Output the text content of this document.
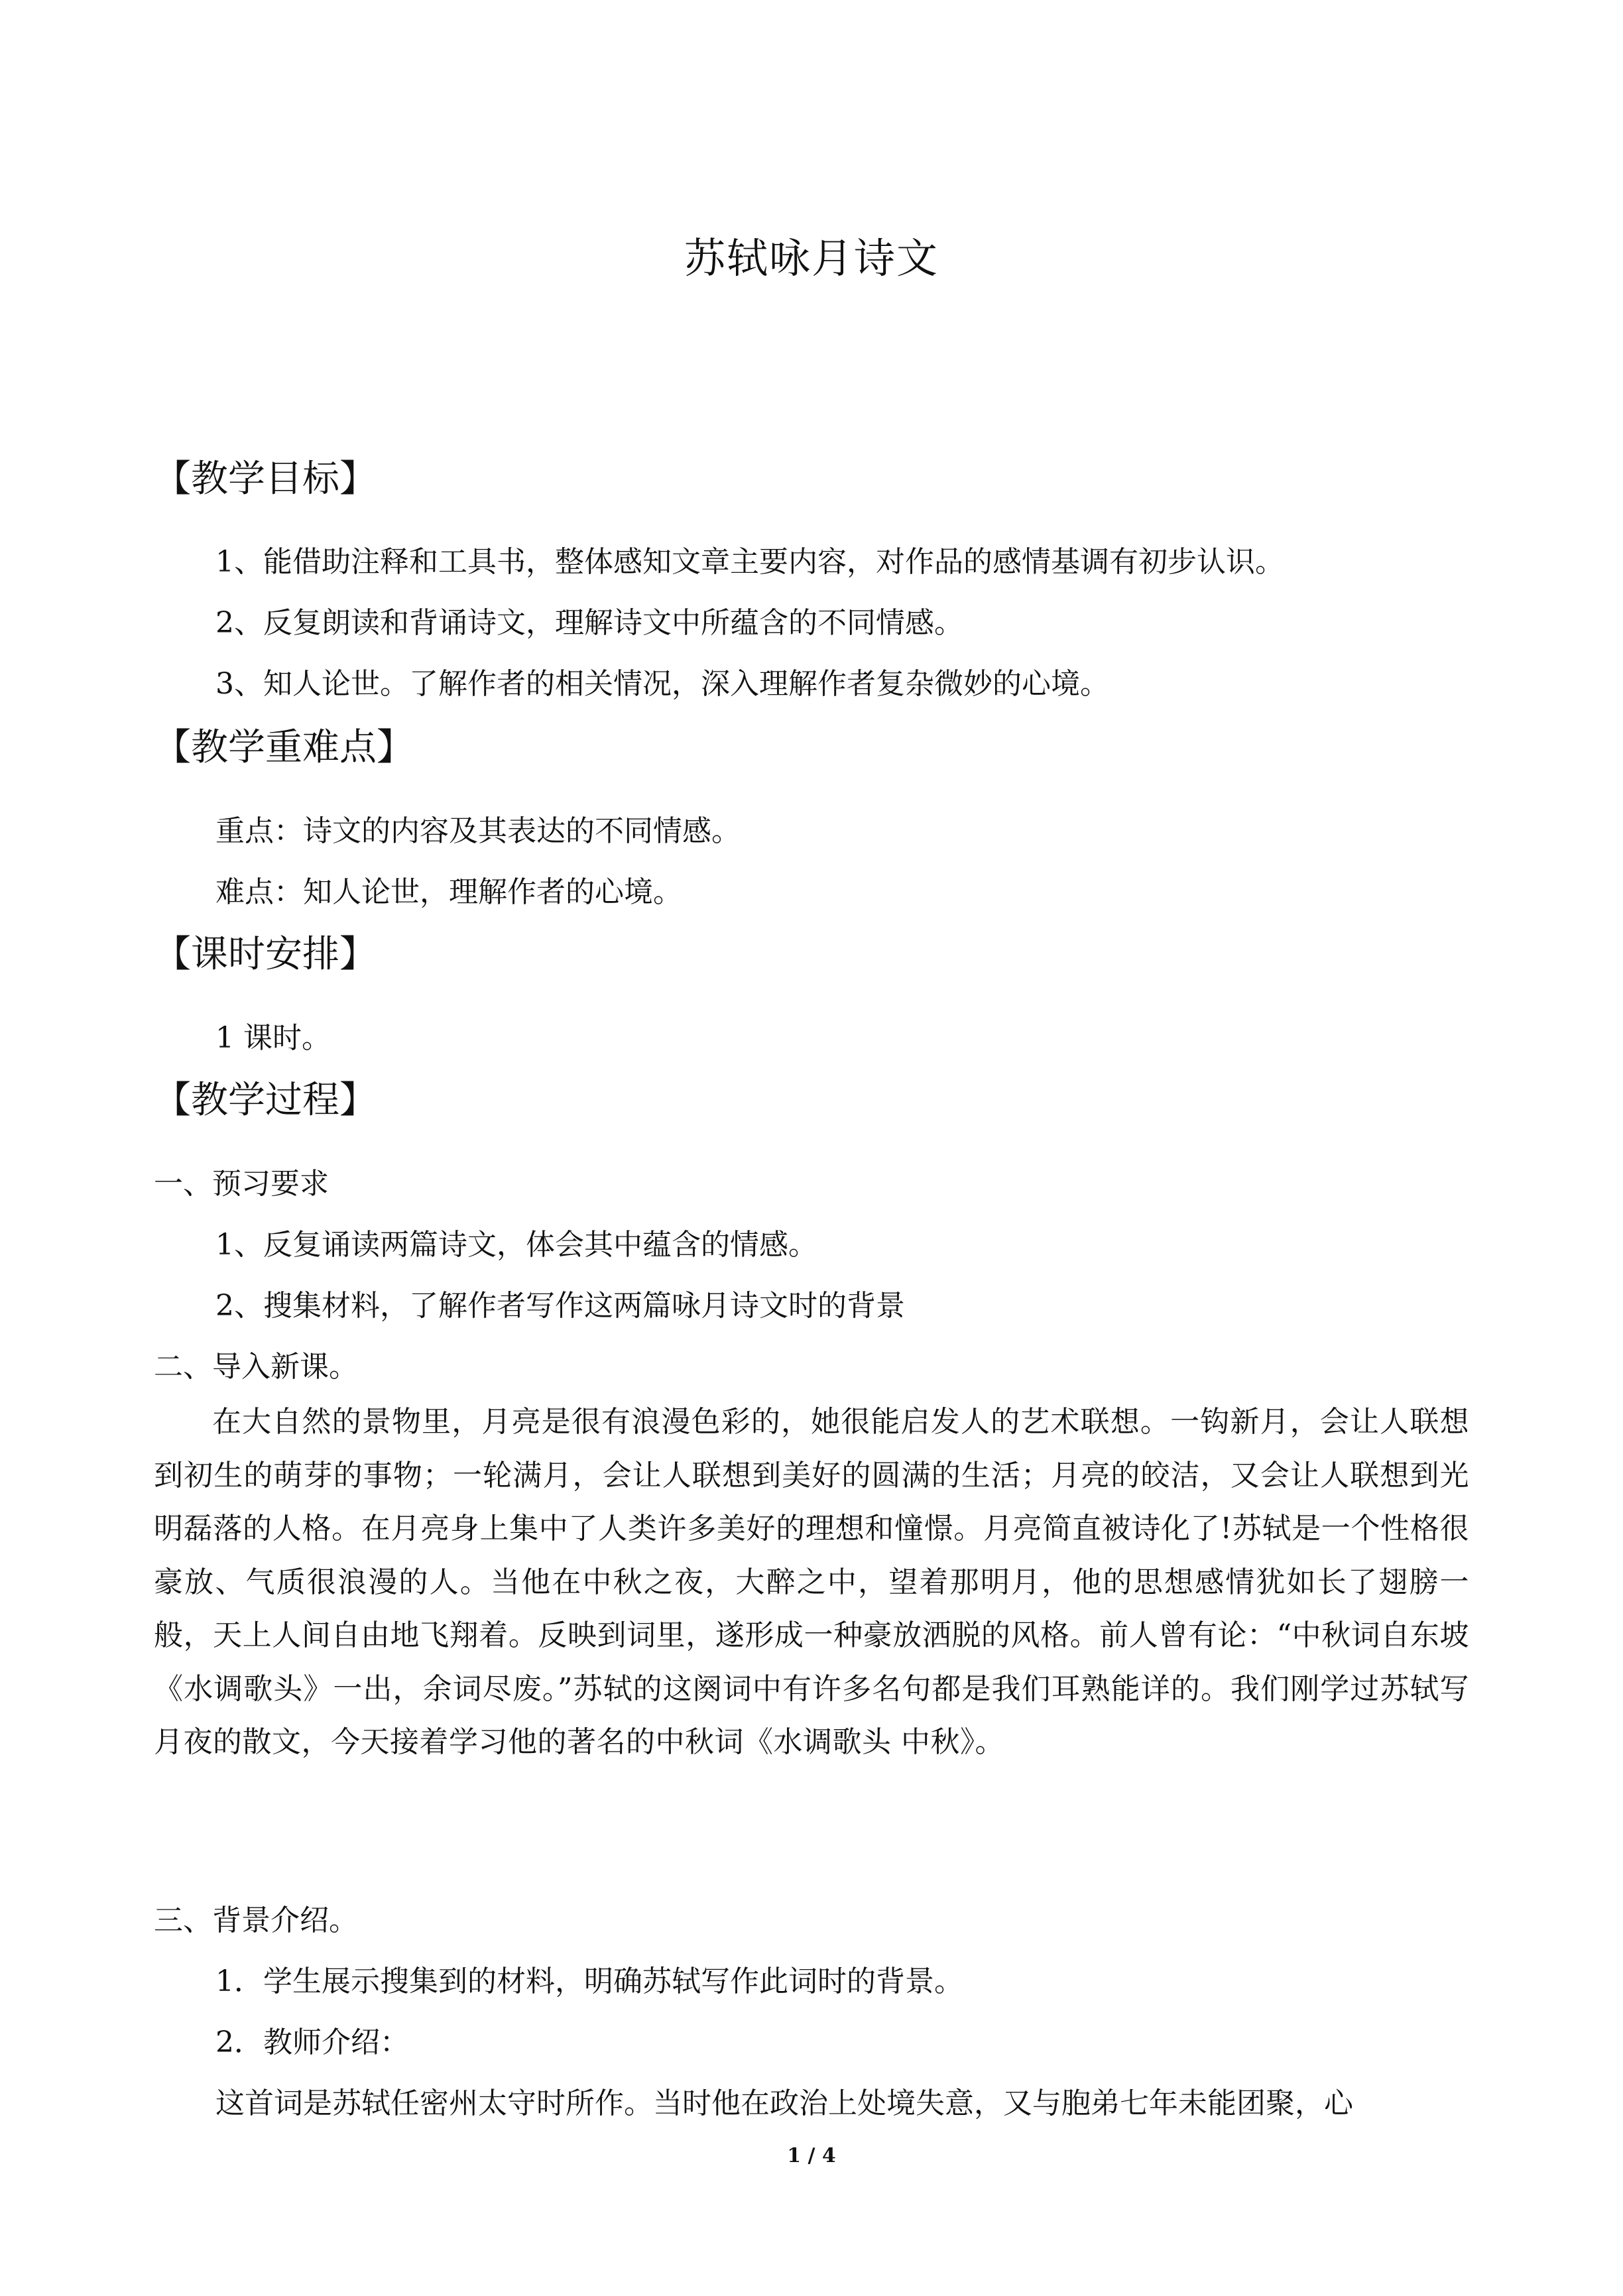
苏轼咏月诗文
【教学目标】
1、能借助注释和工具书，整体感知文章主要内容，对作品的感情基调有初步认识。
2、反复朗读和背诵诗文，理解诗文中所蕴含的不同情感。
3、知人论世。了解作者的相关情况，深入理解作者复杂微妙的心境。
【教学重难点】
重点：诗文的内容及其表达的不同情感。
难点：知人论世，理解作者的心境。
【课时安排】
1 课时。
【教学过程】
一、预习要求
1、反复诵读两篇诗文，体会其中蕴含的情感。
2、搜集材料，了解作者写作这两篇咏月诗文时的背景
二、导入新课。
在大自然的景物里，月亮是很有浪漫色彩的，她很能启发人的艺术联想。一钩新月，会让人联想到初生的萌芽的事物；一轮满月，会让人联想到美好的圆满的生活；月亮的皎洁，又会让人联想到光明磊落的人格。在月亮身上集中了人类许多美好的理想和憧憬。月亮简直被诗化了!苏轼是一个性格很豪放、气质很浪漫的人。当他在中秋之夜，大醉之中，望着那明月，他的思想感情犹如长了翅膀一般，天上人间自由地飞翔着。反映到词里，遂形成一种豪放洒脱的风格。前人曾有论：“中秋词自东坡《水调歌头》一出，余词尽废。”苏轼的这阕词中有许多名句都是我们耳熟能详的。我们刚学过苏轼写月夜的散文，今天接着学习他的著名的中秋词《水调歌头 中秋》。
三、背景介绍。
1．学生展示搜集到的材料，明确苏轼写作此词时的背景。
2．教师介绍：
这首词是苏轼任密州太守时所作。当时他在政治上处境失意，又与胞弟七年未能团聚，心
1 / 4
